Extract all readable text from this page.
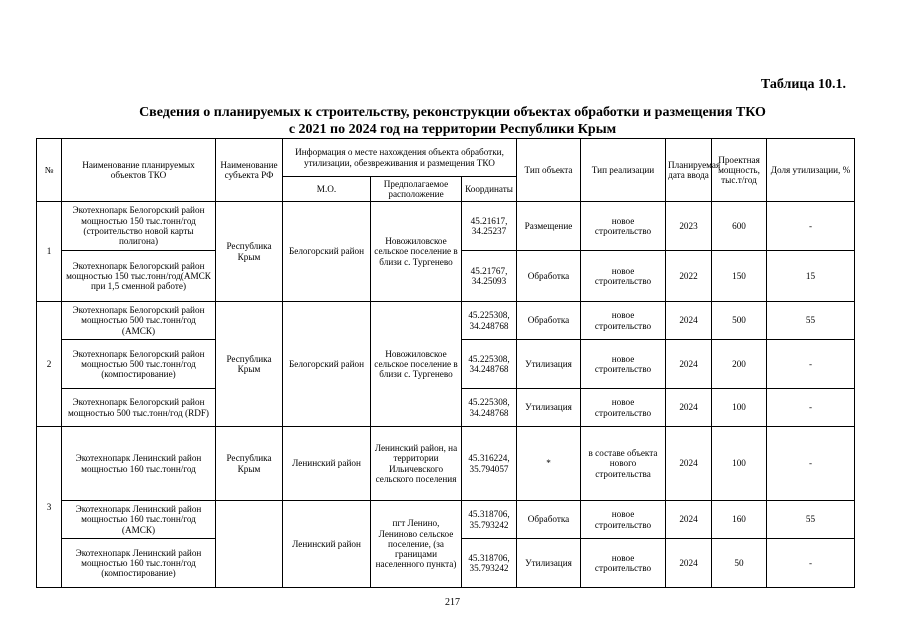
Таблица 10.1.
Сведения о планируемых к строительству, реконструкции объектах обработки и размещения ТКО
с 2021 по 2024 год на территории Республики Крым
№	Наименование планируемых объектов ТКО	Наименование субъекта РФ	Информация о месте нахождения объекта обработки, утилизации, обезвреживания и размещения ТКО			Тип объекта	Тип реализации	Планируемая дата ввода	Проектная мощность, тыс.т/год	Доля утилизации, %
			М.О.	Предполагаемое расположение	Координаты					
1	Экотехнопарк Белогорский район мощностью 150 тыс.тонн/год (строительство новой карты полигона)	Республика Крым	Белогорский район	Новожиловское сельское поселение в близи с. Тургенево	45.21617, 34.25237	Размещение	новое строительство	2023	600	-
	Экотехнопарк Белогорский район мощностью 150 тыс.тонн/год(АМСК при 1,5 сменной работе)				45.21767, 34.25093	Обработка	новое строительство	2022	150	15
2	Экотехнопарк Белогорский район мощностью 500 тыс.тонн/год (АМСК)	Республика Крым	Белогорский район	Новожиловское сельское поселение в близи с. Тургенево	45.225308, 34.248768	Обработка	новое строительство	2024	500	55
	Экотехнопарк Белогорский район мощностью 500 тыс.тонн/год (компостирование)				45.225308, 34.248768	Утилизация	новое строительство	2024	200	-
	Экотехнопарк Белогорский район мощностью 500 тыс.тонн/год (RDF)				45.225308, 34.248768	Утилизация	новое строительство	2024	100	-
3	Экотехнопарк Ленинский район мощностью 160 тыс.тонн/год	Республика Крым	Ленинский район	Ленинский район, на территории Ильичевского сельского поселения	45.316224, 35.794057	*	в составе объекта нового строительства	2024	100	-
	Экотехнопарк Ленинский район мощностью 160 тыс.тонн/год (АМСК)		Ленинский район	пгт Ленино, Лениново сельское поселение, (за границами населенного пункта)	45.318706, 35.793242	Обработка	новое строительство	2024	160	55
	Экотехнопарк Ленинский район мощностью 160 тыс.тонн/год (компостирование)				45.318706, 35.793242	Утилизация	новое строительство	2024	50	-
217
